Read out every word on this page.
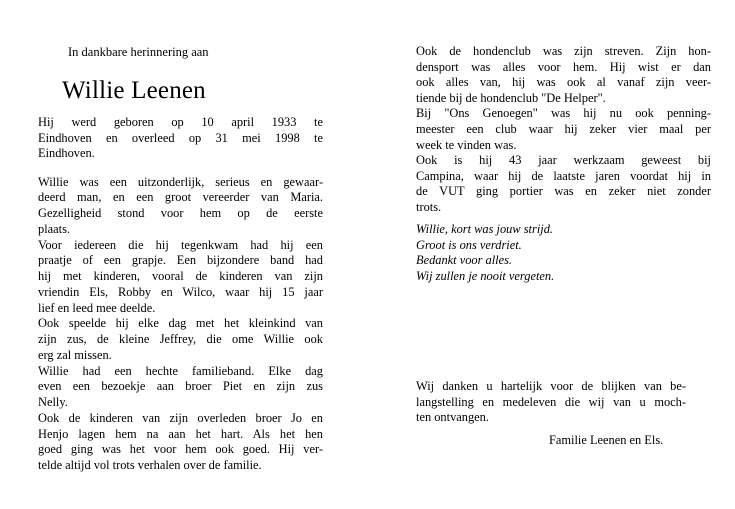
In dankbare herinnering aan
Willie Leenen
Hij werd geboren op 10 april 1933 te
Eindhoven en overleed op 31 mei 1998 te
Eindhoven.
Willie was een uitzonderlijk, serieus en gewaar-
deerd man, en een groot vereerder van Maria.
Gezelligheid stond voor hem op de eerste
plaats.
Voor iedereen die hij tegenkwam had hij een
praatje of een grapje. Een bijzondere band had
hij met kinderen, vooral de kinderen van zijn
vriendin Els, Robby en Wilco, waar hij 15 jaar
lief en leed mee deelde.
Ook speelde hij elke dag met het kleinkind van
zijn zus, de kleine Jeffrey, die ome Willie ook
erg zal missen.
Willie had een hechte familieband. Elke dag
even een bezoekje aan broer Piet en zijn zus
Nelly.
Ook de kinderen van zijn overleden broer Jo en
Henjo lagen hem na aan het hart. Als het hen
goed ging was het voor hem ook goed. Hij ver-
telde altijd vol trots verhalen over de familie.
Ook de hondenclub was zijn streven. Zijn hon-
densport was alles voor hem. Hij wist er dan
ook alles van, hij was ook al vanaf zijn veer-
tiende bij de hondenclub "De Helper".
Bij "Ons Genoegen" was hij nu ook penning-
meester een club waar hij zeker vier maal per
week te vinden was.
Ook is hij 43 jaar werkzaam geweest bij
Campina, waar hij de laatste jaren voordat hij in
de VUT ging portier was en zeker niet zonder
trots.
Willie, kort was jouw strijd.
Groot is ons verdriet.
Bedankt voor alles.
Wij zullen je nooit vergeten.
Wij danken u hartelijk voor de blijken van be-
langstelling en medeleven die wij van u moch-
ten ontvangen.
Familie Leenen en Els.
